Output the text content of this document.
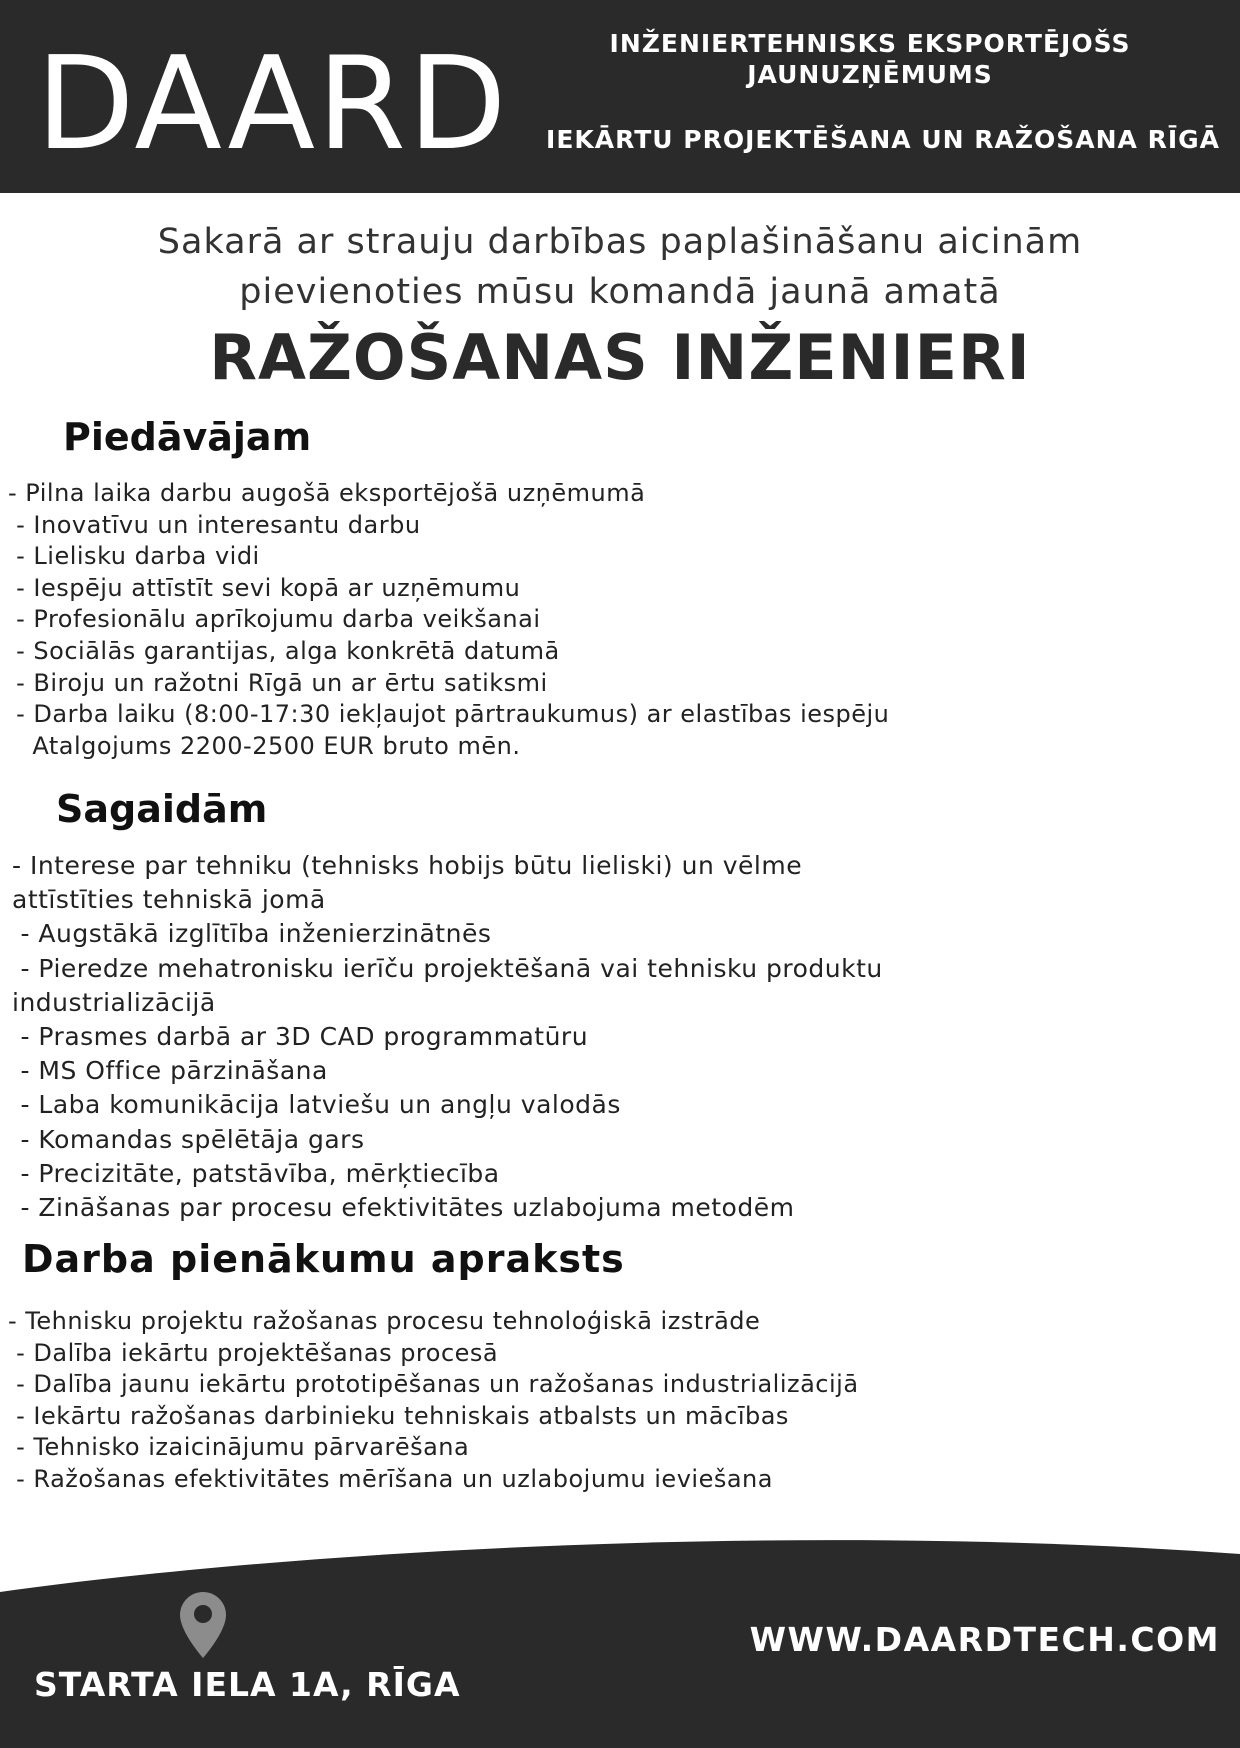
DAARD	INŽENIERTEHNISKS EKSPORTĒJOŠS
JAUNUZŅĒMUMS
IEKĀRTU PROJEKTĒŠANA UN RAŽOŠANA RĪGĀ
Sakarā ar strauju darbības paplašināšanu aicinām
pievienoties mūsu komandā jaunā amatā
RAŽOŠANAS INŽENIERI
Piedāvājam
- Pilna laika darbu augošā eksportējošā uzņēmumā
- Inovatīvu un interesantu darbu
- Lielisku darba vidi
- Iespēju attīstīt sevi kopā ar uzņēmumu
- Profesionālu aprīkojumu darba veikšanai
- Sociālās garantijas, alga konkrētā datumā
- Biroju un ražotni Rīgā un ar ērtu satiksmi
- Darba laiku (8:00-17:30 iekļaujot pārtraukumus) ar elastības iespēju
Atalgojums 2200-2500 EUR bruto mēn.
Sagaidām
- Interese par tehniku (tehnisks hobijs būtu lieliski) un vēlme
attīstīties tehniskā jomā
- Augstākā izglītība inženierzinātnēs
- Pieredze mehatronisku ierīču projektēšanā vai tehnisku produktu
industrializācijā
- Prasmes darbā ar 3D CAD programmatūru
- MS Office pārzināšana
- Laba komunikācija latviešu un angļu valodās
- Komandas spēlētāja gars
- Precizitāte, patstāvība, mērķtiecība
- Zināšanas par procesu efektivitātes uzlabojuma metodēm
Darba pienākumu apraksts
- Tehnisku projektu ražošanas procesu tehnoloģiskā izstrāde
- Dalība iekārtu projektēšanas procesā
- Dalība jaunu iekārtu prototipēšanas un ražošanas industrializācijā
- Iekārtu ražošanas darbinieku tehniskais atbalsts un mācības
- Tehnisko izaicinājumu pārvarēšana
- Ražošanas efektivitātes mērīšana un uzlabojumu ieviešana
STARTA IELA 1A, RĪGA
WWW.DAARDTECH.COM
